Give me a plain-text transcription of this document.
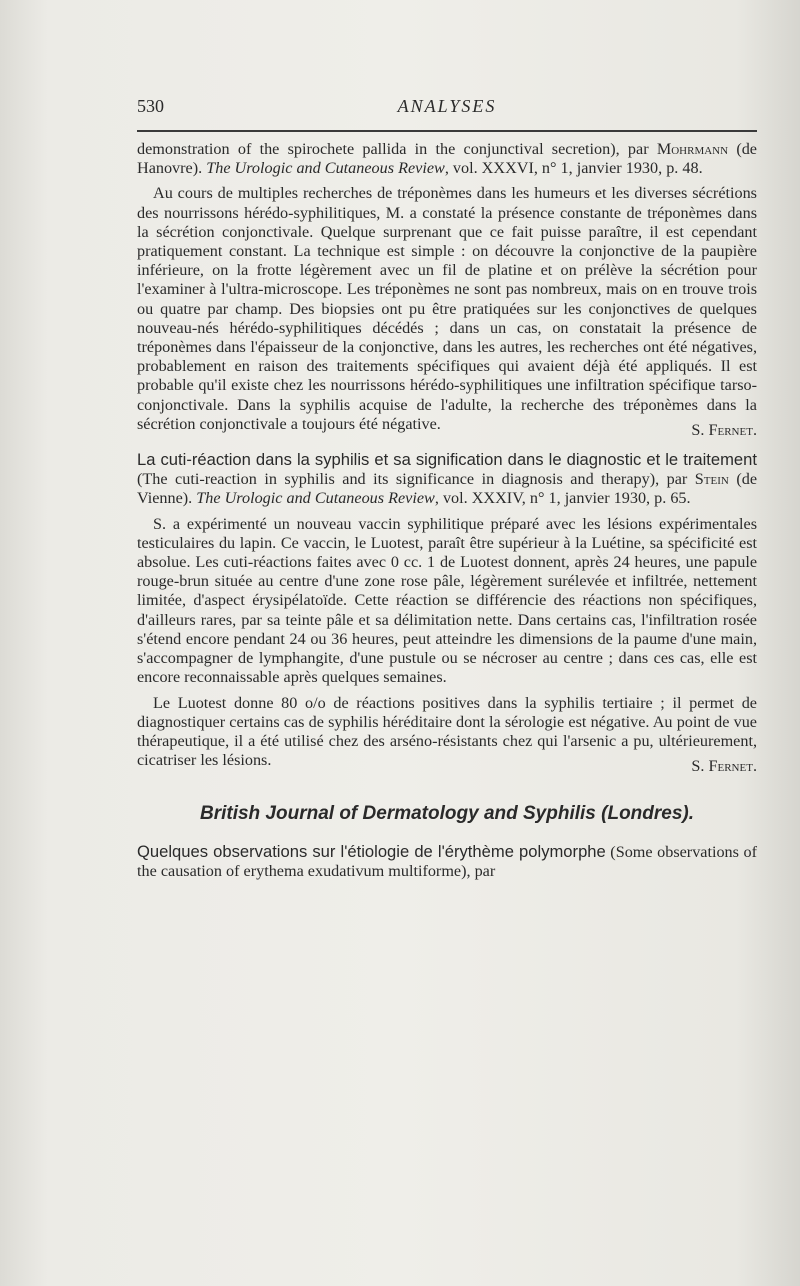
530	ANALYSES

demonstration of the spirochete pallida in the conjunctival secretion), par Mohrmann (de Hanovre). The Urologic and Cutaneous Review, vol. XXXVI, n° 1, janvier 1930, p. 48.

Au cours de multiples recherches de tréponèmes dans les humeurs et les diverses sécrétions des nourrissons hérédo-syphilitiques, M. a constaté la présence constante de tréponèmes dans la sécrétion conjonctivale. Quelque surprenant que ce fait puisse paraître, il est cependant pratiquement constant. La technique est simple : on découvre la conjonctive de la paupière inférieure, on la frotte légèrement avec un fil de platine et on prélève la sécrétion pour l'examiner à l'ultra-microscope. Les tréponèmes ne sont pas nombreux, mais on en trouve trois ou quatre par champ. Des biopsies ont pu être pratiquées sur les conjonctives de quelques nouveau-nés hérédo-syphilitiques décédés ; dans un cas, on constatait la présence de tréponèmes dans l'épaisseur de la conjonctive, dans les autres, les recherches ont été négatives, probablement en raison des traitements spécifiques qui avaient déjà été appliqués. Il est probable qu'il existe chez les nourrissons hérédo-syphilitiques une infiltration spécifique tarso-conjonctivale. Dans la syphilis acquise de l'adulte, la recherche des tréponèmes dans la sécrétion conjonctivale a toujours été négative.	S. Fernet.

La cuti-réaction dans la syphilis et sa signification dans le diagnostic et le traitement (The cuti-reaction in syphilis and its significance in diagnosis and therapy), par Stein (de Vienne). The Urologic and Cutaneous Review, vol. XXXIV, n° 1, janvier 1930, p. 65.

S. a expérimenté un nouveau vaccin syphilitique préparé avec les lésions expérimentales testiculaires du lapin. Ce vaccin, le Luotest, paraît être supérieur à la Luétine, sa spécificité est absolue. Les cuti-réactions faites avec 0 cc. 1 de Luotest donnent, après 24 heures, une papule rouge-brun située au centre d'une zone rose pâle, légèrement surélevée et infiltrée, nettement limitée, d'aspect érysipélatoïde. Cette réaction se différencie des réactions non spécifiques, d'ailleurs rares, par sa teinte pâle et sa délimitation nette. Dans certains cas, l'infiltration rosée s'étend encore pendant 24 ou 36 heures, peut atteindre les dimensions de la paume d'une main, s'accompagner de lymphangite, d'une pustule ou se nécroser au centre ; dans ces cas, elle est encore reconnaissable après quelques semaines.

Le Luotest donne 80 o/o de réactions positives dans la syphilis tertiaire ; il permet de diagnostiquer certains cas de syphilis héréditaire dont la sérologie est négative. Au point de vue thérapeutique, il a été utilisé chez des arséno-résistants chez qui l'arsenic a pu, ultérieurement, cicatriser les lésions.	S. Fernet.

British Journal of Dermatology and Syphilis (Londres).

Quelques observations sur l'étiologie de l'érythème polymorphe (Some observations of the causation of erythema exudativum multiforme), par
